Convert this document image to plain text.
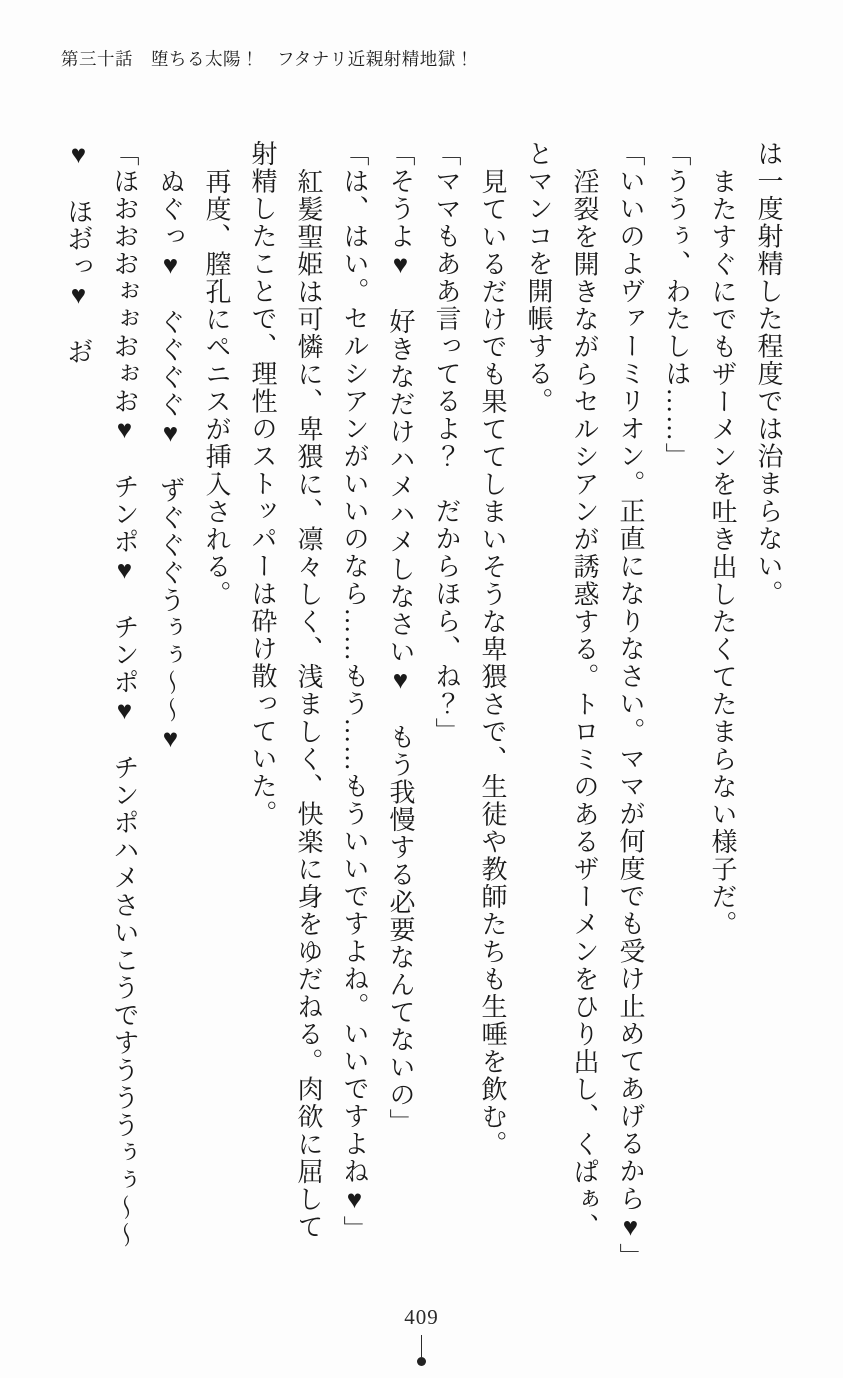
第三十話　堕ちる太陽！　フタナリ近親射精地獄！

は一度射精した程度では治まらない。

またすぐにでもザーメンを吐き出したくてたまらない様子だ。

「ううぅ、わたしは……」

「いいのよヴァーミリオン。正直になりなさい。ママが何度でも受け止めてあげるから♥」

淫裂を開きながらセルシアンが誘惑する。トロミのあるザーメンをひり出し、くぱぁ、

とマンコを開帳する。

見ているだけでも果ててしまいそうな卑猥さで、生徒や教師たちも生唾を飲む。

「ママもああ言ってるよ？　だからほら、ね？」

「そうよ♥　好きなだけハメハメしなさい♥　もう我慢する必要なんてないの」

「は、はい。セルシアンがいいのなら……もう……もういいですよね。いいですよね♥」

紅髪聖姫は可憐に、卑猥に、凛々しく、浅ましく、快楽に身をゆだねる。肉欲に屈して

射精したことで、理性のストッパーは砕け散っていた。

再度、膣孔にペニスが挿入される。

ぬぐっ♥　ぐぐぐぐ♥　ずぐぐぐうぅぅ〜〜♥

「ほおおおぉぉおぉお♥　チンポ♥　チンポ♥　チンポハメさいこうですうううぅぅ〜〜

♥　ほお゙っ♥　お゙

409
